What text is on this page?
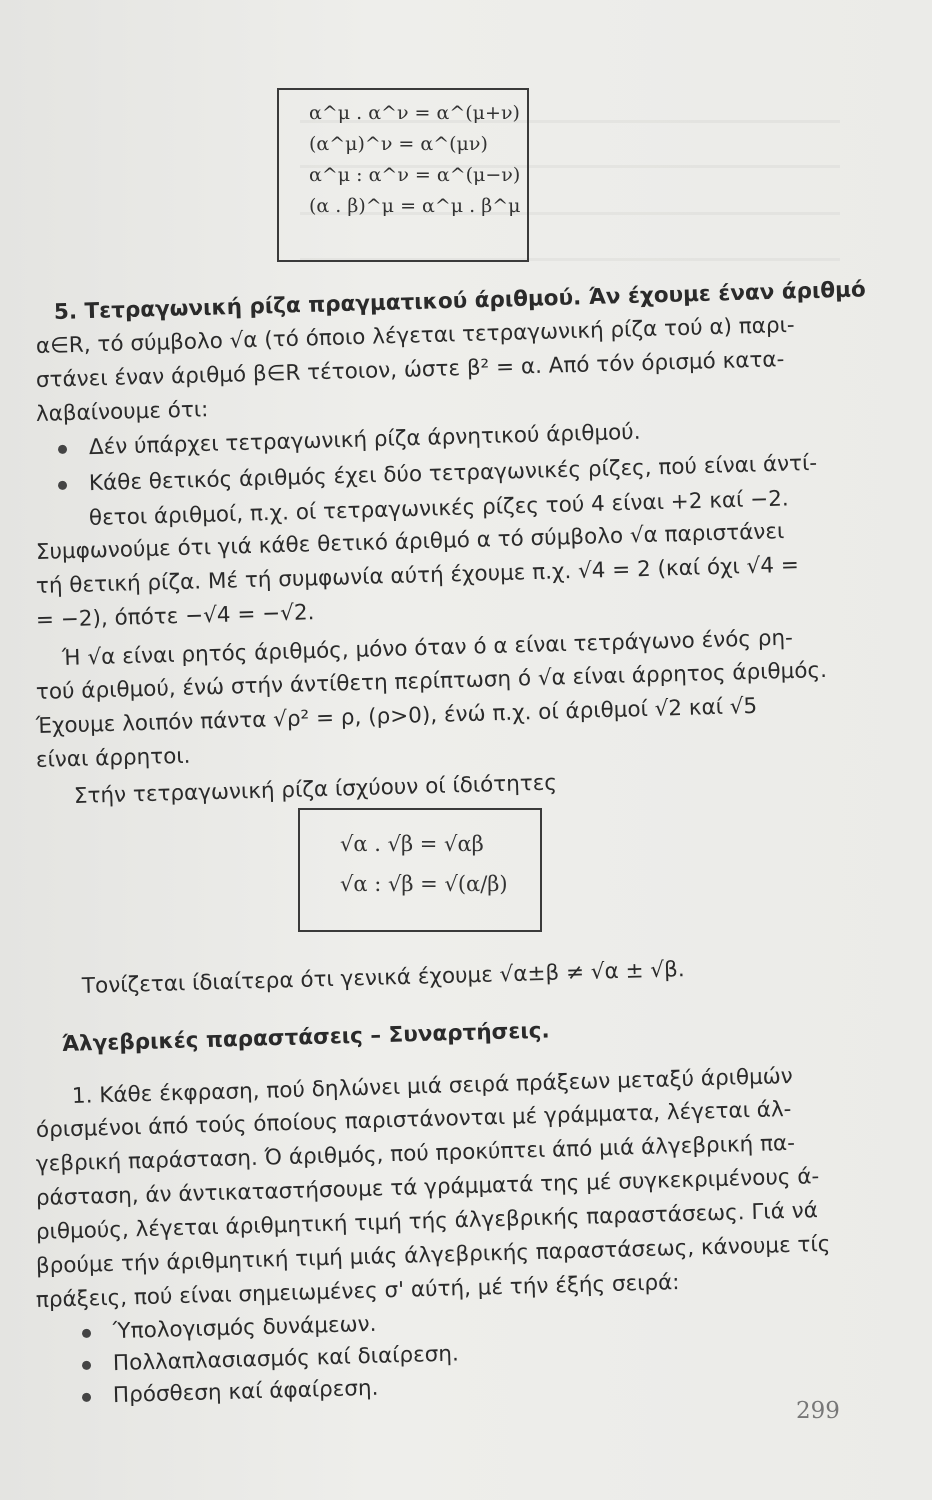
α^μ . α^ν = α^(μ+ν)
(α^μ)^ν = α^(μν)
α^μ : α^ν = α^(μ−ν)
(α . β)^μ = α^μ . β^μ
5. Τετραγωνική ρίζα πραγματικού άριθμού. Άν έχουμε έναν άριθμό
α∈R, τό σύμβολο √α (τό όποιο λέγεται τετραγωνική ρίζα τού α) παρι-
στάνει έναν άριθμό β∈R τέτοιον, ώστε β² = α. Από τόν όρισμό κατα-
λαβαίνουμε ότι:
Δέν ύπάρχει τετραγωνική ρίζα άρνητικού άριθμού.
Κάθε θετικός άριθμός έχει δύο τετραγωνικές ρίζες, πού είναι άντί-
θετοι άριθμοί, π.χ. οί τετραγωνικές ρίζες τού 4 είναι +2 καί −2.
Συμφωνούμε ότι γιά κάθε θετικό άριθμό α τό σύμβολο √α παριστάνει
τή θετική ρίζα. Μέ τή συμφωνία αύτή έχουμε π.χ. √4 = 2 (καί όχι √4 =
= −2), όπότε −√4 = −√2.
Ή √α είναι ρητός άριθμός, μόνο όταν ό α είναι τετράγωνο ένός ρη-
τού άριθμού, ένώ στήν άντίθετη περίπτωση ό √α είναι άρρητος άριθμός.
Έχουμε λοιπόν πάντα √ρ² = ρ, (ρ>0), ένώ π.χ. οί άριθμοί √2 καί √5
είναι άρρητοι.
Στήν τετραγωνική ρίζα ίσχύουν οί ίδιότητες
√α . √β = √αβ
√α : √β = √(α/β)
Τονίζεται ίδιαίτερα ότι γενικά έχουμε √α±β ≠ √α ± √β.
Άλγεβρικές παραστάσεις – Συναρτήσεις.
1. Κάθε έκφραση, πού δηλώνει μιά σειρά πράξεων μεταξύ άριθμών
όρισμένοι άπό τούς όποίους παριστάνονται μέ γράμματα, λέγεται άλ-
γεβρική παράσταση. Ό άριθμός, πού προκύπτει άπό μιά άλγεβρική πα-
ράσταση, άν άντικαταστήσουμε τά γράμματά της μέ συγκεκριμένους ά-
ριθμούς, λέγεται άριθμητική τιμή τής άλγεβρικής παραστάσεως. Γιά νά
βρούμε τήν άριθμητική τιμή μιάς άλγεβρικής παραστάσεως, κάνουμε τίς
πράξεις, πού είναι σημειωμένες σ' αύτή, μέ τήν έξής σειρά:
Ύπολογισμός δυνάμεων.
Πολλαπλασιασμός καί διαίρεση.
Πρόσθεση καί άφαίρεση.
299
